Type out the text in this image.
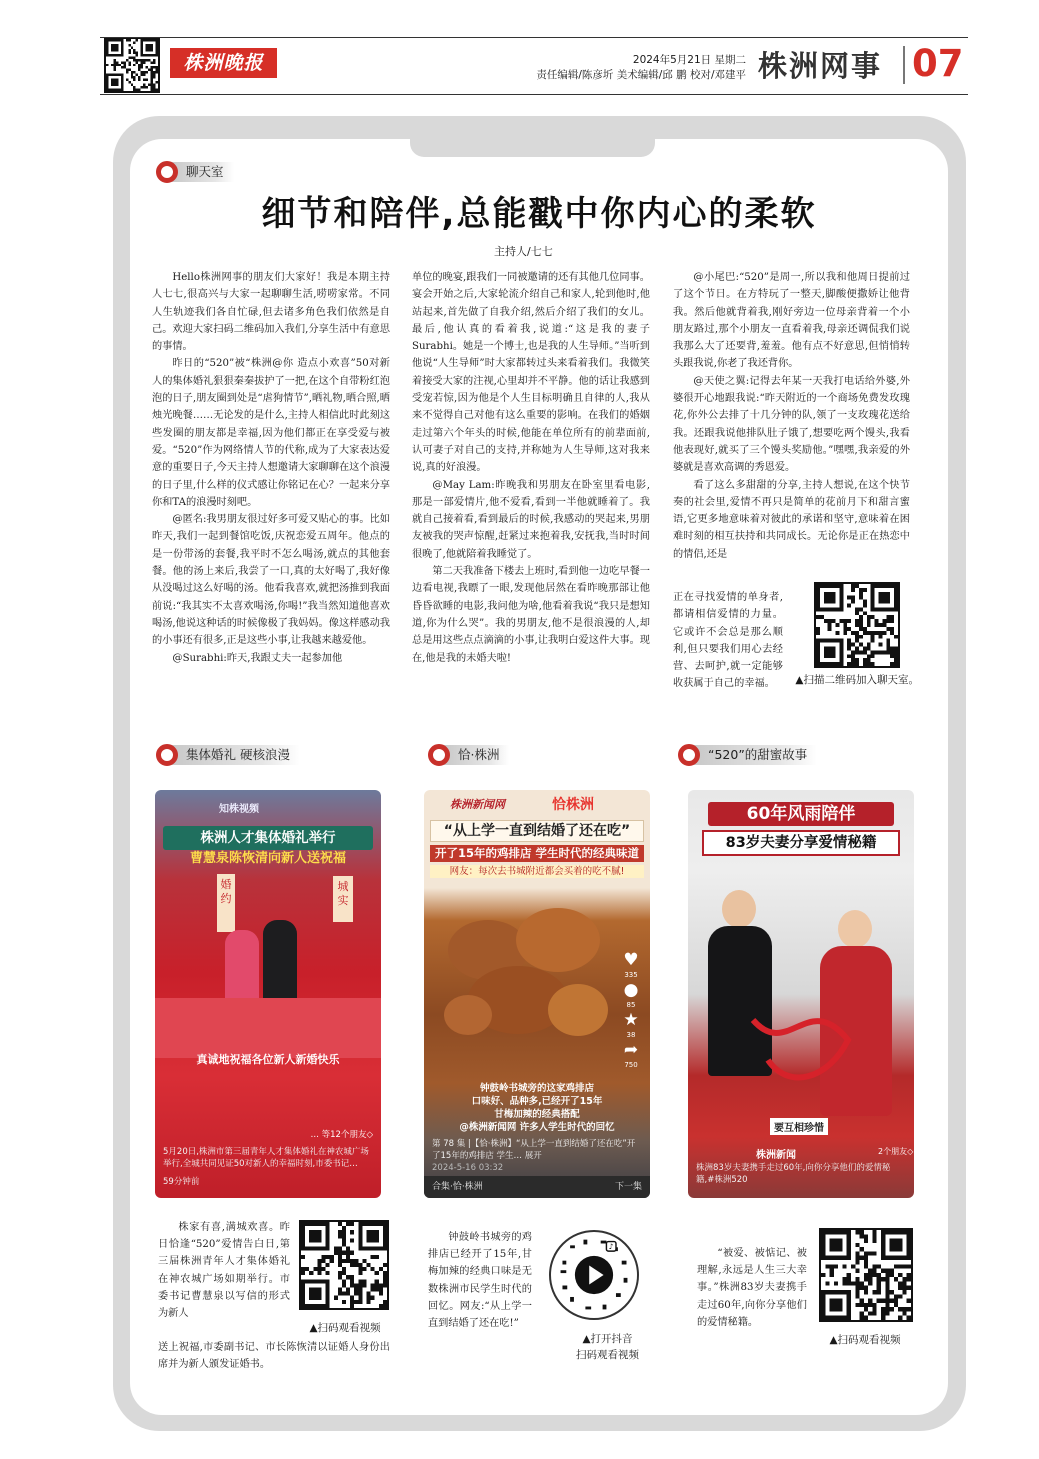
株洲晚报	2024年5月21日 星期二
责任编辑/陈彦圻 美术编辑/邱 鹏 校对/邓建平 株洲网事 07
聊天室
细节和陪伴,总能戳中你内心的柔软
主持人/七七

Hello株洲网事的朋友们大家好！我是本期主持人七七,很高兴与大家一起聊聊生活,唠唠家常。不同人生轨迹我们各自忙碌,但去诸多角色我们依然是自己。欢迎大家扫码二维码加入我们,分享生活中有意思的事情。

昨日的“520”被“株洲@你 造点小欢喜”50对新人的集体婚礼狠狠秦秦拔护了一把,在这个自带粉红泡泡的日子,朋友圈到处是“虐狗情节”,晒礼物,晒合照,晒烛光晚餐……无论发的是什么,主持人相信此时此刻这些发圈的朋友都是幸福,因为他们都正在享受爱与被爱。“520”作为网络情人节的代称,成为了大家表达爱意的重要日子,今天主持人想邀请大家聊聊在这个浪漫的日子里,什么样的仪式感让你铭记在心？一起来分享你和TA的浪漫时刻吧。

@匿名:我男朋友很过好多可爱又贴心的事。比如昨天,我们一起到餐馆吃饭,庆祝恋爱五周年。他点的是一份带汤的套餐,我平时不怎么喝汤,就点的其他套餐。他的汤上来后,我尝了一口,真的太好喝了,我好像从没喝过这么好喝的汤。他看我喜欢,就把汤推到我面前说:“我其实不太喜欢喝汤,你喝!”我当然知道他喜欢喝汤,他说这种话的时候像极了我妈妈。像这样感动我的小事还有很多,正是这些小事,让我越来越爱他。

@Surabhi:昨天,我跟丈夫一起参加他

单位的晚宴,跟我们一同被邀请的还有其他几位同事。宴会开始之后,大家轮流介绍自己和家人,轮到他时,他站起来,首先做了自我介绍,然后介绍了我们的女儿。最后,他认真的看着我,说道:“这是我的妻子Surabhi。她是一个博士,也是我的人生导师。”当听到他说“人生导师”时大家都转过头来看着我们。我微笑着接受大家的注视,心里却并不平静。他的话让我感到受宠若惊,因为他是个人生目标明确且自律的人,我从来不觉得自己对他有这么重要的影响。在我们的婚姻走过第六个年头的时候,他能在单位所有的前辈面前,认可妻子对自己的支持,并称她为人生导师,这对我来说,真的好浪漫。

@May Lam:昨晚我和男朋友在卧室里看电影,那是一部爱情片,他不爱看,看到一半他就睡着了。我就自己接着看,看到最后的时候,我感动的哭起来,男朋友被我的哭声惊醒,赶紧过来抱着我,安抚我,当时时间很晚了,他就陪着我睡觉了。

第二天我准备下楼去上班时,看到他一边吃早餐一边看电视,我瞟了一眼,发现他居然在看昨晚那部让他昏昏欲睡的电影,我问他为啥,他看着我说“我只是想知道,你为什么哭”。我的男朋友,他不是很浪漫的人,却总是用这些点点滴滴的小事,让我明白爱这件大事。现在,他是我的未婚夫啦!

@小尾巴:“520”是周一,所以我和他周日提前过了这个节日。在方特玩了一整天,脚酸便撒娇让他背我。然后他就背着我,刚好旁边一位母亲背着一个小朋友路过,那个小朋友一直看着我,母亲还调侃我们说我那么大了还要背,羞羞。他有点不好意思,但悄悄转头跟我说,你老了我还背你。

@天使之翼:记得去年某一天我打电话给外婆,外婆很开心地跟我说:“昨天附近的一个商场免费发玫瑰花,你外公去排了十几分钟的队,领了一支玫瑰花送给我。还跟我说他排队肚子饿了,想要吃两个馒头,我看他表现好,就买了三个馒头奖励他。”嘿嘿,我亲爱的外婆就是喜欢高调的秀恩爱。

看了这么多甜甜的分享,主持人想说,在这个快节奏的社会里,爱情不再只是简单的花前月下和甜言蜜语,它更多地意味着对彼此的承诺和坚守,意味着在困难时刻的相互扶持和共同成长。无论你是正在热恋中的情侣,还是

正在寻找爱情的单身者,都请相信爱情的力量。它或许不会总是那么顺利,但只要我们用心去经营、去呵护,就一定能够收获属于自己的幸福。	▲扫描二维码加入聊天室。
集体婚礼 硬核浪漫	恰·株洲	“520”的甜蜜故事
知株视频
株洲人才集体婚礼举行
曹慧泉陈恢清向新人送祝福
婚 约
城 实
真诚地祝福各位新人新婚快乐
… 等12个朋友◇
5月20日,株洲市第三届青年人才集体婚礼在神农城广场举行,全城共同见证50对新人的幸福时刻,市委书记…
59分钟前
株洲新闻网	恰株洲
“从上学一直到结婚了还在吃”
开了15年的鸡排店 学生时代的经典味道
网友：每次去书城附近都会买着的吃不腻!
♥
335
●
85
★
38
➦
750
钟鼓岭书城旁的这家鸡排店
口味好、品种多,已经开了15年
甘梅加辣的经典搭配
@株洲新闻网 许多人学生时代的回忆
第 78 集 |【恰·株洲】“从上学一直到结婚了还在吃”开了15年的鸡排店 学生… 展开
2024-5-16 03:32
合集·恰·株洲	下一集
60年风雨陪伴
83岁夫妻分享爱情秘籍
要互相珍惜
2个朋友◇
株洲83岁夫妻携手走过60年,向你分享他们的爱情秘籍,#株洲520
株洲新闻
株家有喜,满城欢喜。昨日恰逢“520”爱情告白日,第三届株洲青年人才集体婚礼在神农城广场如期举行。市委书记曹慧泉以写信的形式为新人
送上祝福,市委副书记、市长陈恢清以证婚人身份出席并为新人颁发证婚书。
▲扫码观看视频
钟鼓岭书城旁的鸡排店已经开了15年,甘梅加辣的经典口味是无数株洲市民学生时代的回忆。网友:“从上学一直到结婚了还在吃!”
♪
▲打开抖音
扫码观看视频
“被爱、被惦记、被理解,永远是人生三大幸事。”株洲83岁夫妻携手走过60年,向你分享他们的爱情秘籍。
▲扫码观看视频
